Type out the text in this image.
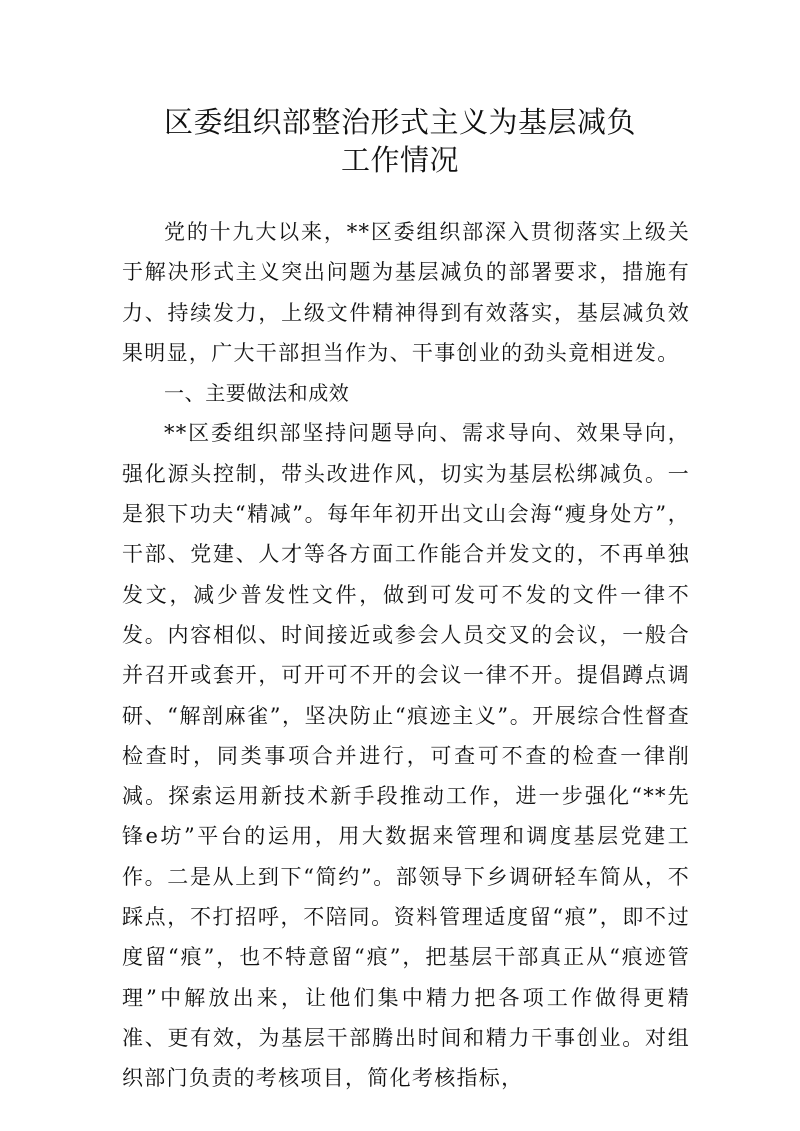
区委组织部整治形式主义为基层减负
工作情况

党的十九大以来，**区委组织部深入贯彻落实上级关于解决形式主义突出问题为基层减负的部署要求，措施有力、持续发力，上级文件精神得到有效落实，基层减负效果明显，广大干部担当作为、干事创业的劲头竟相迸发。

一、主要做法和成效

**区委组织部坚持问题导向、需求导向、效果导向，强化源头控制，带头改进作风，切实为基层松绑减负。一是狠下功夫“精减”。每年年初开出文山会海“瘦身处方”，干部、党建、人才等各方面工作能合并发文的，不再单独发文，减少普发性文件，做到可发可不发的文件一律不发。内容相似、时间接近或参会人员交叉的会议，一般合并召开或套开，可开可不开的会议一律不开。提倡蹲点调研、“解剖麻雀”，坚决防止“痕迹主义”。开展综合性督查检查时，同类事项合并进行，可查可不查的检查一律削减。探索运用新技术新手段推动工作，进一步强化“**先锋e坊”平台的运用，用大数据来管理和调度基层党建工作。二是从上到下“简约”。部领导下乡调研轻车简从，不踩点，不打招呼，不陪同。资料管理适度留“痕”，即不过度留“痕”，也不特意留“痕”，把基层干部真正从“痕迹管理”中解放出来，让他们集中精力把各项工作做得更精准、更有效，为基层干部腾出时间和精力干事创业。对组织部门负责的考核项目，简化考核指标，
